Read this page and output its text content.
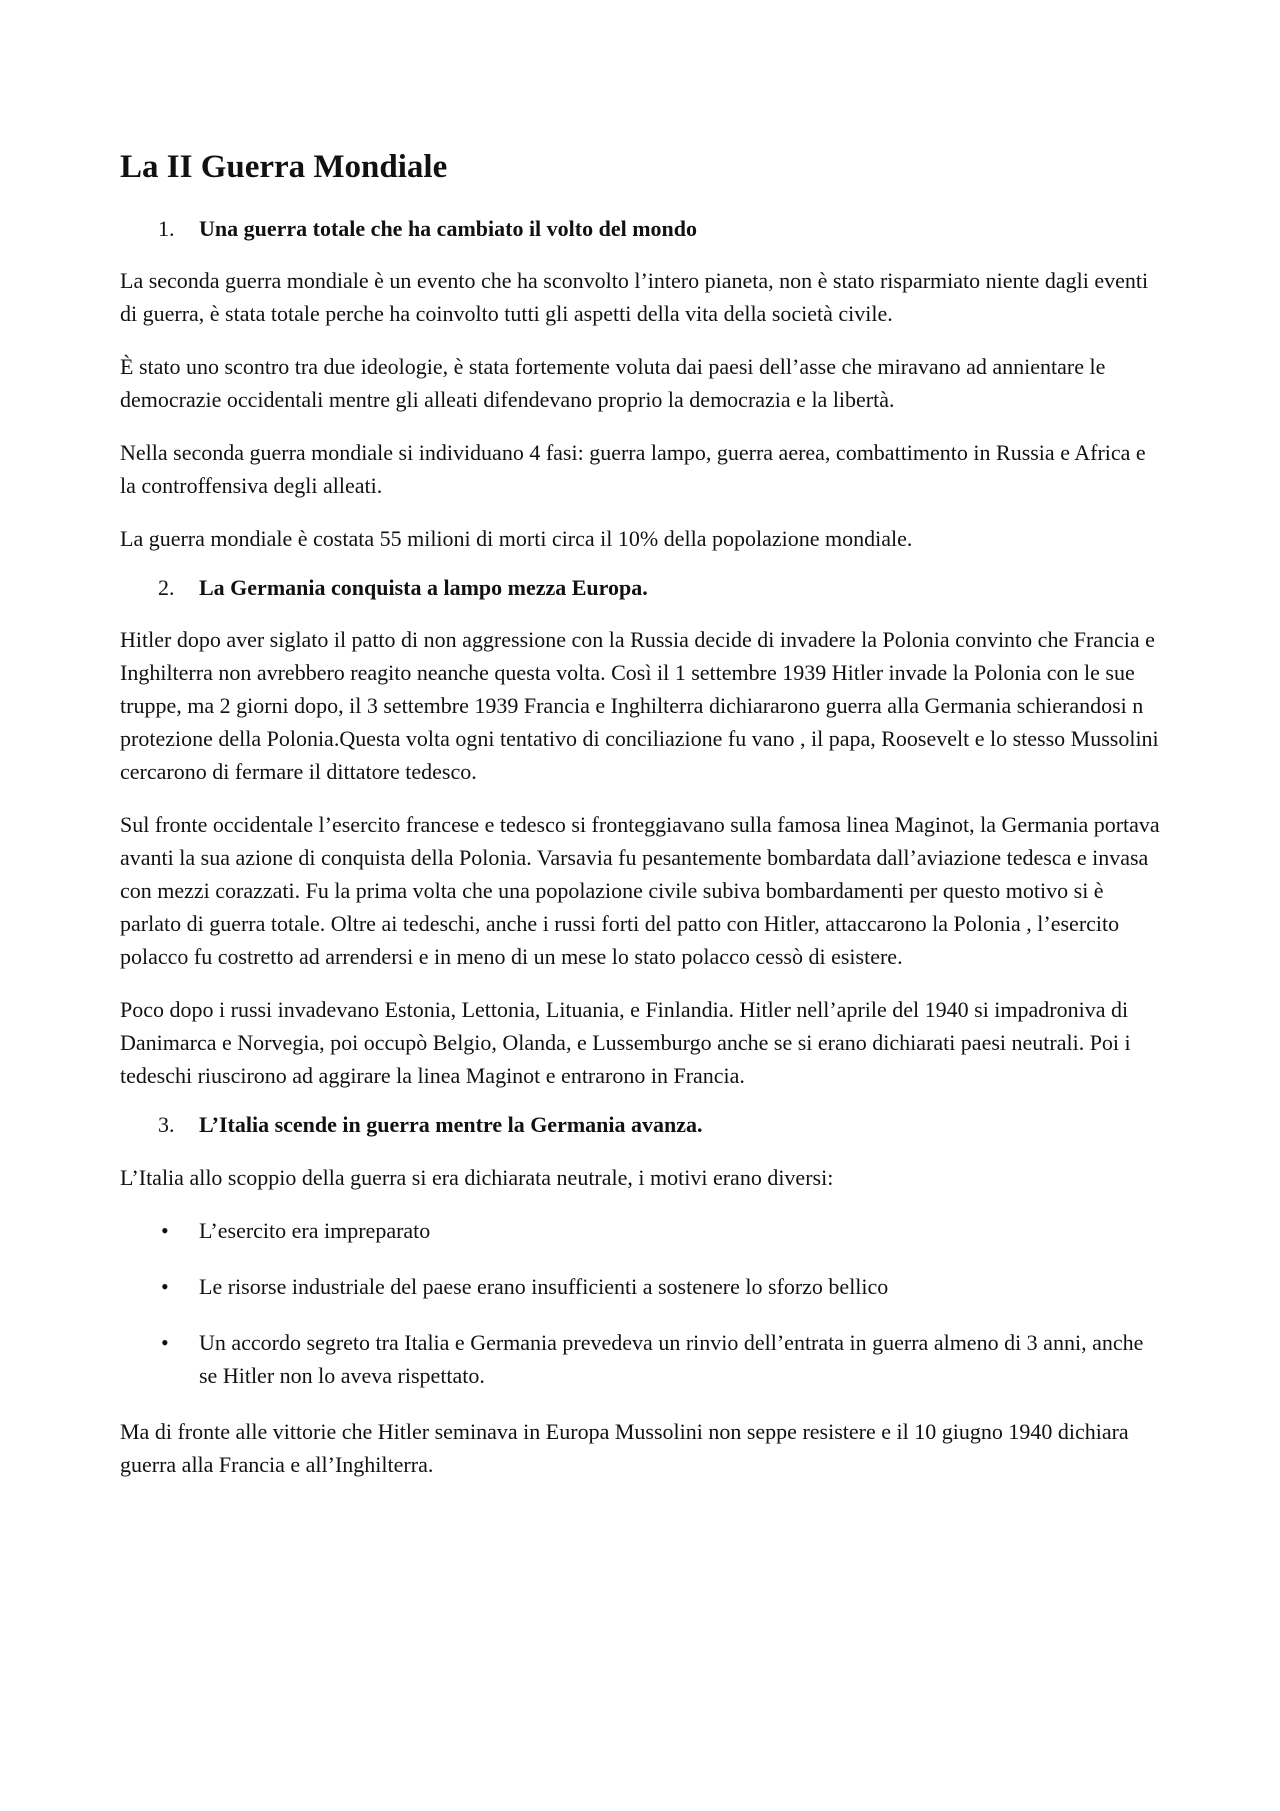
La II Guerra Mondiale
1.	Una guerra totale che ha cambiato il volto del mondo

La seconda guerra mondiale è un evento che ha sconvolto l’intero pianeta, non è stato risparmiato niente dagli eventi di guerra, è stata totale perche ha coinvolto tutti gli aspetti della vita della società civile.

È stato uno scontro tra due ideologie, è stata fortemente voluta dai paesi dell’asse che miravano ad annientare le democrazie occidentali mentre gli alleati difendevano proprio la democrazia e la libertà.

Nella seconda guerra mondiale si individuano 4 fasi: guerra lampo, guerra aerea, combattimento in Russia e Africa e la controffensiva degli alleati.

La guerra mondiale è costata 55 milioni di morti circa il 10% della popolazione mondiale.

2.	La Germania conquista a lampo mezza Europa.

Hitler dopo aver siglato il patto di non aggressione con la Russia decide di invadere la Polonia convinto che Francia e Inghilterra non avrebbero reagito neanche questa volta. Così il 1 settembre 1939 Hitler invade la Polonia con le sue truppe, ma 2 giorni dopo, il 3 settembre 1939 Francia e Inghilterra dichiararono guerra alla Germania schierandosi n protezione della Polonia.Questa volta ogni tentativo di conciliazione fu vano , il papa, Roosevelt e lo stesso Mussolini cercarono di fermare il dittatore tedesco.

Sul fronte occidentale l’esercito francese e tedesco si fronteggiavano sulla famosa linea Maginot, la Germania portava avanti la sua azione di conquista della Polonia. Varsavia fu pesantemente bombardata dall’aviazione tedesca e invasa con mezzi corazzati. Fu la prima volta che una popolazione civile subiva bombardamenti per questo motivo si è parlato di guerra totale. Oltre ai tedeschi, anche i russi forti del patto con Hitler, attaccarono la Polonia , l’esercito polacco fu costretto ad arrendersi e in meno di un mese lo stato polacco cessò di esistere.

Poco dopo i russi invadevano Estonia, Lettonia, Lituania, e Finlandia. Hitler nell’aprile del 1940 si impadroniva di Danimarca e Norvegia, poi occupò Belgio, Olanda, e Lussemburgo anche se si erano dichiarati paesi neutrali. Poi i tedeschi riuscirono ad aggirare la linea Maginot e entrarono in Francia.

3.	L’Italia scende in guerra mentre la Germania avanza.

L’Italia allo scoppio della guerra si era dichiarata neutrale, i motivi erano diversi:

•	L’esercito era impreparato
•	Le risorse industriale del paese erano insufficienti a sostenere lo sforzo bellico
•	Un accordo segreto tra Italia e Germania prevedeva un rinvio dell’entrata in guerra almeno di 3 anni, anche se Hitler non lo aveva rispettato.

Ma di fronte alle vittorie che Hitler seminava in Europa Mussolini non seppe resistere e il 10 giugno 1940 dichiara guerra alla Francia e all’Inghilterra.
